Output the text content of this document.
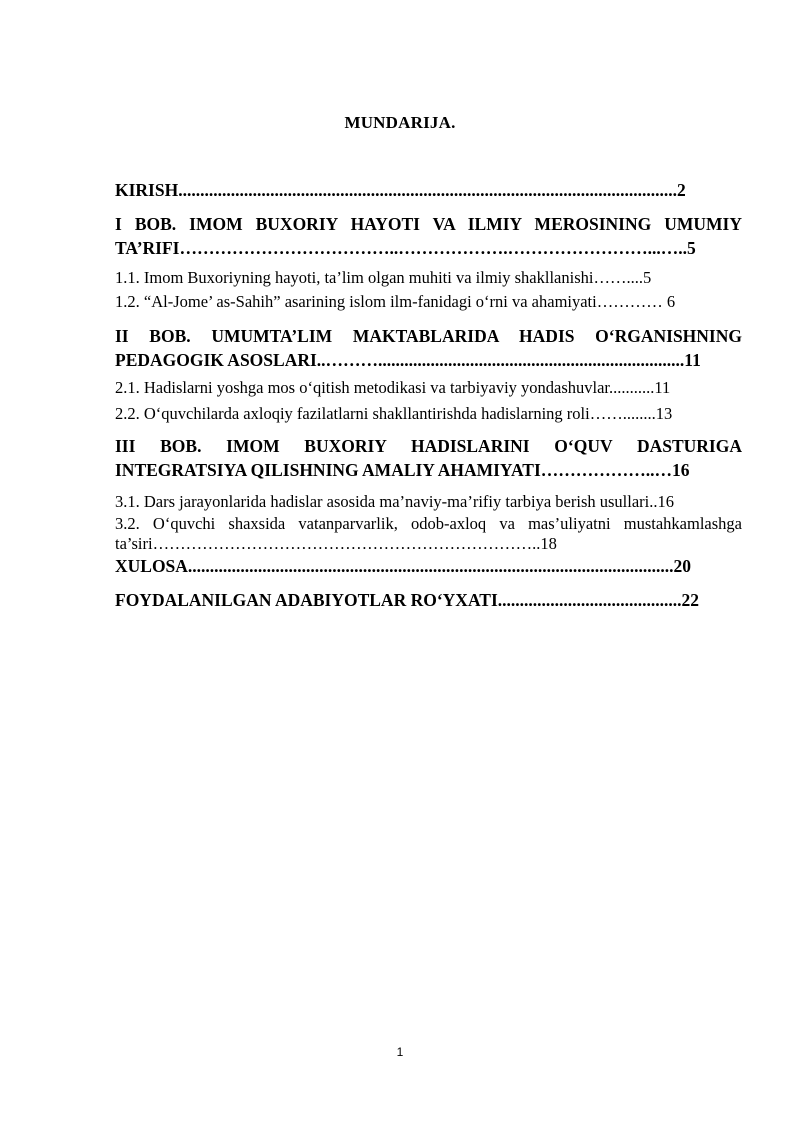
MUNDARIJA.

KIRISH..................................................................................................................2

I BOB. IMOM BUXORIY HAYOTI VA ILMIY MEROSINING UMUMIY TA’RIFI………………………………..……………….……………………...…..5

1.1. Imom Buxoriyning hayoti, ta’lim olgan muhiti va ilmiy shakllanishi……....5

1.2. “Al-Jome’ as-Sahih” asarining islom ilm-fanidagi o‘rni va ahamiyati………… 6

II BOB. UMUMTA’LIM MAKTABLARIDA HADIS O‘RGANISHNING PEDAGOGIK ASOSLARI..………......................................................................11

2.1. Hadislarni yoshga mos o‘qitish metodikasi va tarbiyaviy yondashuvlar...........11

2.2. O‘quvchilarda axloqiy fazilatlarni shakllantirishda hadislarning roli……........13

III BOB. IMOM BUXORIY HADISLARINI O‘QUV DASTURIGA INTEGRATSIYA QILISHNING AMALIY AHAMIYATI………………..…16

3.1. Dars jarayonlarida hadislar asosida ma’naviy-ma’rifiy tarbiya berish usullari..16

3.2. O‘quvchi shaxsida vatanparvarlik, odob-axloq va mas’uliyatni mustahkamlashga ta’siri……………………………………………………………..18

XULOSA...............................................................................................................20

FOYDALANILGAN ADABIYOTLAR RO‘YXATI..........................................22

1
